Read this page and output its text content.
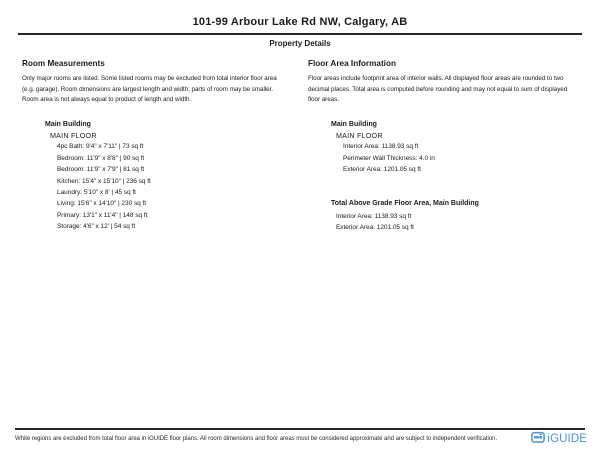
101-99 Arbour Lake Rd NW, Calgary, AB
Property Details
Room Measurements
Only major rooms are listed. Some listed rooms may be excluded from total interior floor area
(e.g. garage). Room dimensions are largest length and width; parts of room may be smaller.
Room area is not always equal to product of length and width.
Main Building
MAIN FLOOR
4pc Bath: 9'4" x 7'11" | 73 sq ft
Bedroom: 11'9" x 8'8" | 90 sq ft
Bedroom: 11'9" x 7'9" | 81 sq ft
Kitchen: 15'4" x 15'10" | 236 sq ft
Laundry: 5'10" x 8' | 45 sq ft
Living: 15'6" x 14'10" | 230 sq ft
Primary: 13'1" x 11'4" | 148 sq ft
Storage: 4'6" x 12' | 54 sq ft
Floor Area Information
Floor areas include footprint area of interior walls. All displayed floor areas are rounded to two
decimal places. Total area is computed before rounding and may not equal to sum of displayed
floor areas.
Main Building
MAIN FLOOR
Interior Area: 1138.93 sq ft
Perimeter Wall Thickness: 4.0 in
Exterior Area: 1201.05 sq ft
Total Above Grade Floor Area, Main Building
Interior Area: 1138.93 sq ft
Exterior Area: 1201.05 sq ft
White regions are excluded from total floor area in iGUIDE floor plans. All room dimensions and floor areas must be considered approximate and are subject to independent verification.	iGUIDE
